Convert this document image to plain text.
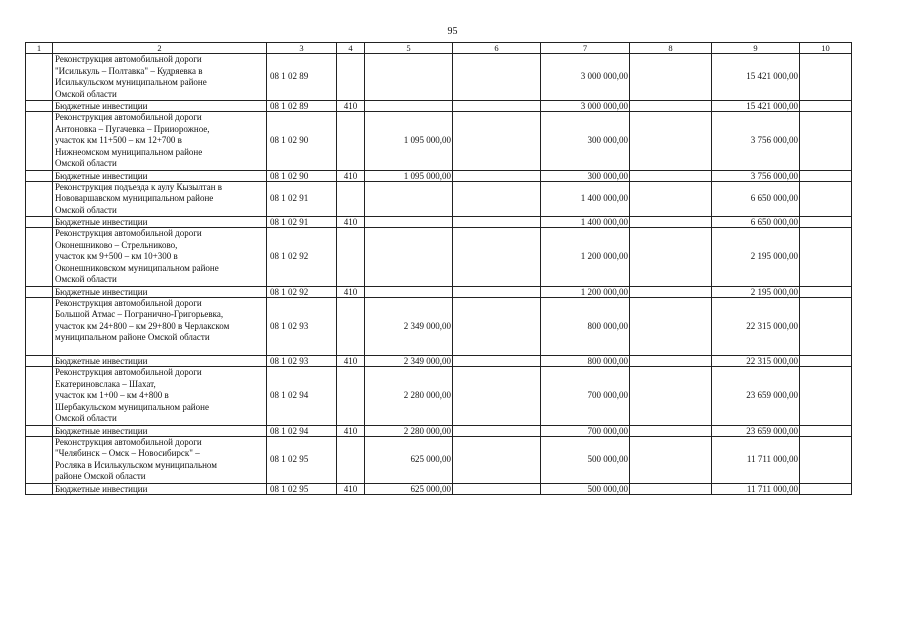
95
1	2	3	4	5	6	7	8	9	10

	Реконструкция автомобильной дороги
"Исилькуль – Полтавка" – Кудряевка в
Исилькульском муниципальном районе
Омской области	08 1 02 89				3 000 000,00		15 421 000,00	
	Бюджетные инвестиции	08 1 02 89	410			3 000 000,00		15 421 000,00	

	Реконструкция автомобильной дороги
Антоновка – Пугачевка – Прииорожное,
участок км 11+500 – км 12+700 в
Нижнеомском муниципальном районе
Омской области	08 1 02 90		1 095 000,00		300 000,00		3 756 000,00	
	Бюджетные инвестиции	08 1 02 90	410	1 095 000,00		300 000,00		3 756 000,00	

	Реконструкция подъезда к аулу Кызылтан в
Нововаршавском муниципальном районе
Омской области	08 1 02 91				1 400 000,00		6 650 000,00	
	Бюджетные инвестиции	08 1 02 91	410			1 400 000,00		6 650 000,00	

	Реконструкция автомобильной дороги
Оконешниково – Стрельниково,
участок км 9+500 – км 10+300 в
Оконешниковском муниципальном районе
Омской области	08 1 02 92				1 200 000,00		2 195 000,00	
	Бюджетные инвестиции	08 1 02 92	410			1 200 000,00		2 195 000,00	

	Реконструкция автомобильной дороги
Большой Атмас – Погранично-Григорьевка,
участок км 24+800 – км 29+800 в Черлакском
муниципальном районе Омской области	08 1 02 93		2 349 000,00		800 000,00		22 315 000,00	
	Бюджетные инвестиции	08 1 02 93	410	2 349 000,00		800 000,00		22 315 000,00	

	Реконструкция автомобильной дороги
Екатериновслака – Шахат,
участок км 1+00 – км 4+800 в
Шербакульском муниципальном районе
Омской области	08 1 02 94		2 280 000,00		700 000,00		23 659 000,00	
	Бюджетные инвестиции	08 1 02 94	410	2 280 000,00		700 000,00		23 659 000,00	

	Реконструкция автомобильной дороги
"Челябинск – Омск – Новосибирск" –
Росляка в Исилькульском муниципальном
районе Омской области	08 1 02 95		625 000,00		500 000,00		11 711 000,00	
	Бюджетные инвестиции	08 1 02 95	410	625 000,00		500 000,00		11 711 000,00	
